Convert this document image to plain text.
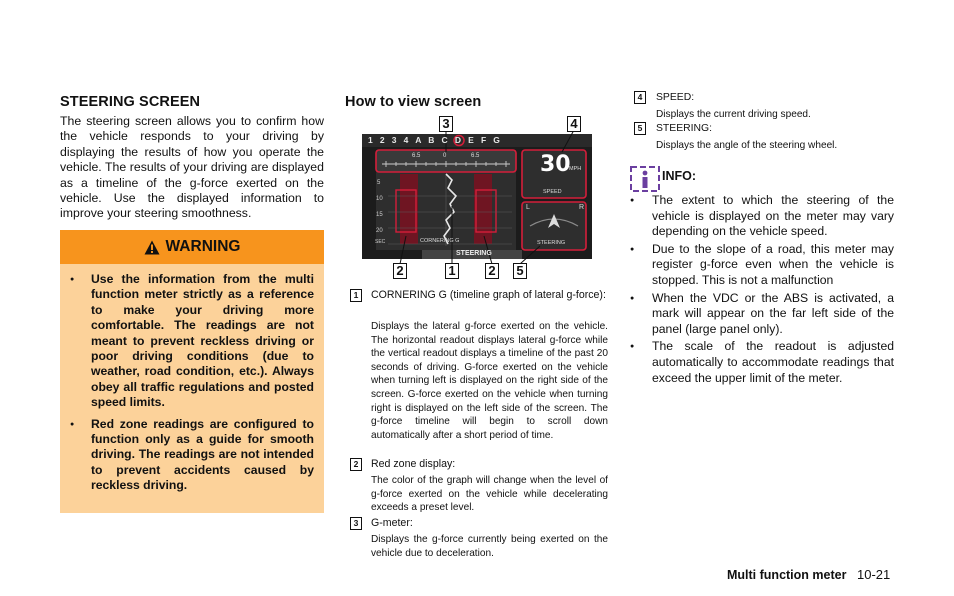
STEERING SCREEN
The steering screen allows you to confirm how the vehicle responds to your driving by displaying the results of how you operate the vehicle. The results of your driving are displayed as a timeline of the g-force exerted on the vehicle. Use the displayed information to improve your steering smoothness.
WARNING
● Use the information from the multi function meter strictly as a reference to make your driving more comfortable. The readings are not meant to prevent reckless driving or poor driving conditions (due to weather, road condition, etc.). Always obey all traffic regulations and posted speed limits.
● Red zone readings are configured to function only as a guide for smooth driving. The readings are not intended to prevent accidents caused by reckless driving.
How to view screen
1 2 3 4 A B C D E F G
6.5	0	6.5
5
10
15
20
SEC
30
MPH
SPEED
L	R
STEERING
CORNERING G
STEERING
3	4
2	1	2 5
1	CORNERING G (timeline graph of lateral g-force):
Displays the lateral g-force exerted on the vehicle. The horizontal readout displays lateral g-force while the vertical readout displays a timeline of the past 20 seconds of driving. G-force exerted on the vehicle when turning left is displayed on the right side of the screen. G-force exerted on the vehicle when turning right is displayed on the left side of the screen. The g-force timeline will begin to scroll down automatically after a short period of time.
2	Red zone display:
The color of the graph will change when the level of g-force exerted on the vehicle while decelerating exceeds a preset level.
3	G-meter:
Displays the g-force currently being exerted on the vehicle due to deceleration.
4	SPEED:
Displays the current driving speed.
5	STEERING:
Displays the angle of the steering wheel.
INFO:
● The extent to which the steering of the vehicle is displayed on the meter may vary depending on the vehicle speed.
● Due to the slope of a road, this meter may register g-force even when the vehicle is stopped. This is not a malfunction
● When the VDC or the ABS is activated, a mark will appear on the far left side of the panel (large panel only).
● The scale of the readout is adjusted automatically to accommodate readings that exceed the upper limit of the meter.
Multi function meter 10-21
